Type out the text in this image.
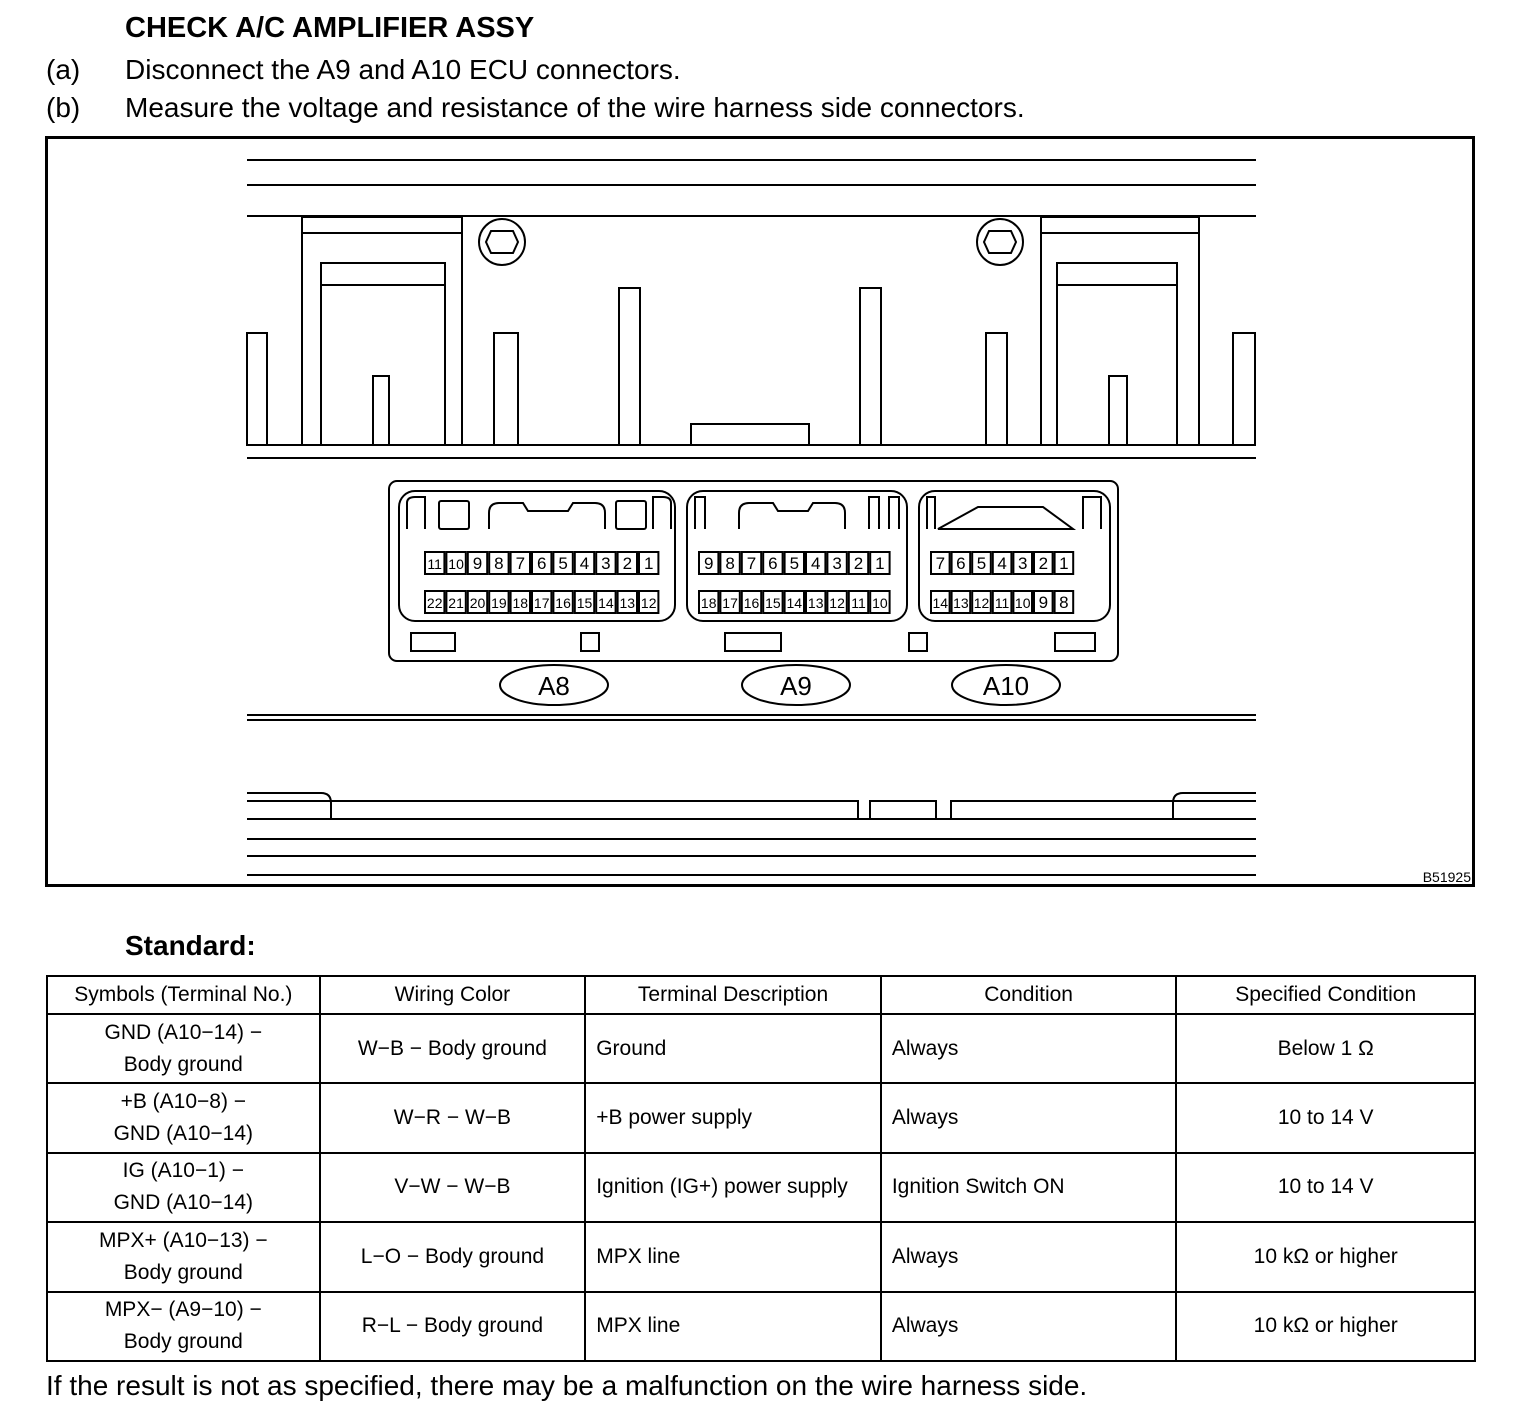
CHECK A/C AMPLIFIER ASSY
(a) Disconnect the A9 and A10 ECU connectors.
(b) Measure the voltage and resistance of the wire harness side connectors.
11 10 9 8 7 6 5 4 3 2 1
22 21 20 19 18 17 16 15 14 13 12
9 8 7 6 5 4 3 2 1
18 17 16 15 14 13 12 11 10
7 6 5 4 3 2 1
14 13 12 11 10 9 8
A8	A9	A10
B51925
Standard:
Symbols (Terminal No.)	Wiring Color	Terminal Description	Condition	Specified Condition
GND (A10−14) −
Body ground	W−B − Body ground	Ground	Always	Below 1 Ω
+B (A10−8) −
GND (A10−14)	W−R − W−B	+B power supply	Always	10 to 14 V
IG (A10−1) −
GND (A10−14)	V−W − W−B	Ignition (IG+) power supply	Ignition Switch ON	10 to 14 V
MPX+ (A10−13) −
Body ground	L−O − Body ground	MPX line	Always	10 kΩ or higher
MPX− (A9−10) −
Body ground	R−L − Body ground	MPX line	Always	10 kΩ or higher
If the result is not as specified, there may be a malfunction on the wire harness side.
